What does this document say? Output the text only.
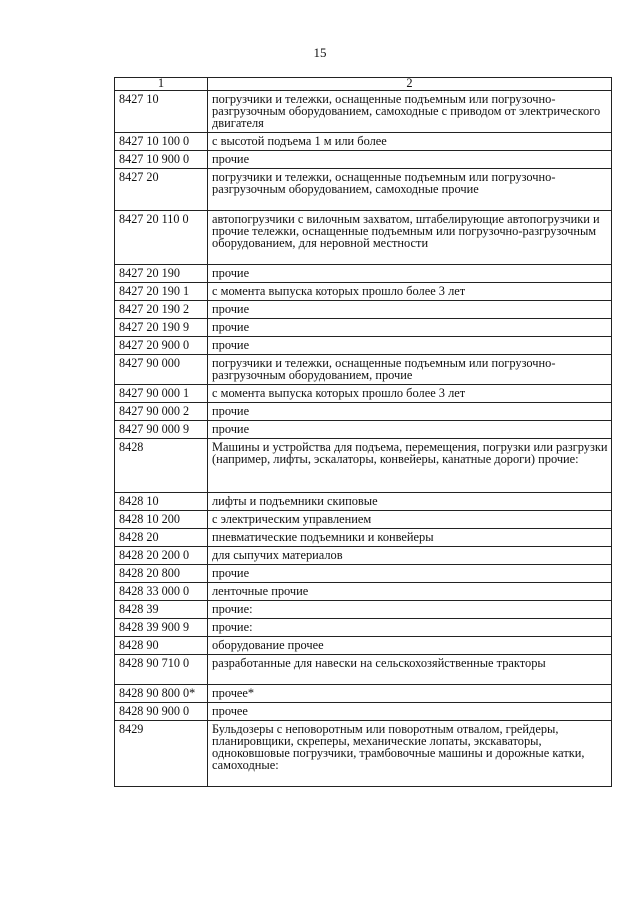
15
1	2
8427 10	погрузчики и тележки, оснащенные подъемным или погрузочно-разгрузочным оборудованием, самоходные с приводом от электрического двигателя
8427 10 100 0	с высотой подъема 1 м или более
8427 10 900 0	прочие
8427 20	погрузчики и тележки, оснащенные подъемным или погрузочно-разгрузочным оборудованием, самоходные прочие
8427 20 110 0	автопогрузчики с вилочным захватом, штабелирующие автопогрузчики и прочие тележки, оснащенные подъемным или погрузочно-разгрузочным оборудованием, для неровной местности
8427 20 190	прочие
8427 20 190 1	с момента выпуска которых прошло более 3 лет
8427 20 190 2	прочие
8427 20 190 9	прочие
8427 20 900 0	прочие
8427 90 000	погрузчики и тележки, оснащенные подъемным или погрузочно-разгрузочным оборудованием, прочие
8427 90 000 1	с момента выпуска которых прошло более 3 лет
8427 90 000 2	прочие
8427 90 000 9	прочие
8428	Машины и устройства для подъема, перемещения, погрузки или разгрузки (например, лифты, эскалаторы, конвейеры, канатные дороги) прочие:
8428 10	лифты и подъемники скиповые
8428 10 200	с электрическим управлением
8428 20	пневматические подъемники и конвейеры
8428 20 200 0	для сыпучих материалов
8428 20 800	прочие
8428 33 000 0	ленточные прочие
8428 39	прочие:
8428 39 900 9	прочие:
8428 90	оборудование прочее
8428 90 710 0	разработанные для навески на сельскохозяйственные тракторы
8428 90 800 0*	прочее*
8428 90 900 0	прочее
8429	Бульдозеры с неповоротным или поворотным отвалом, грейдеры, планировщики, скреперы, механические лопаты, экскаваторы, одноковшовые погрузчики, трамбовочные машины и дорожные катки, самоходные:
